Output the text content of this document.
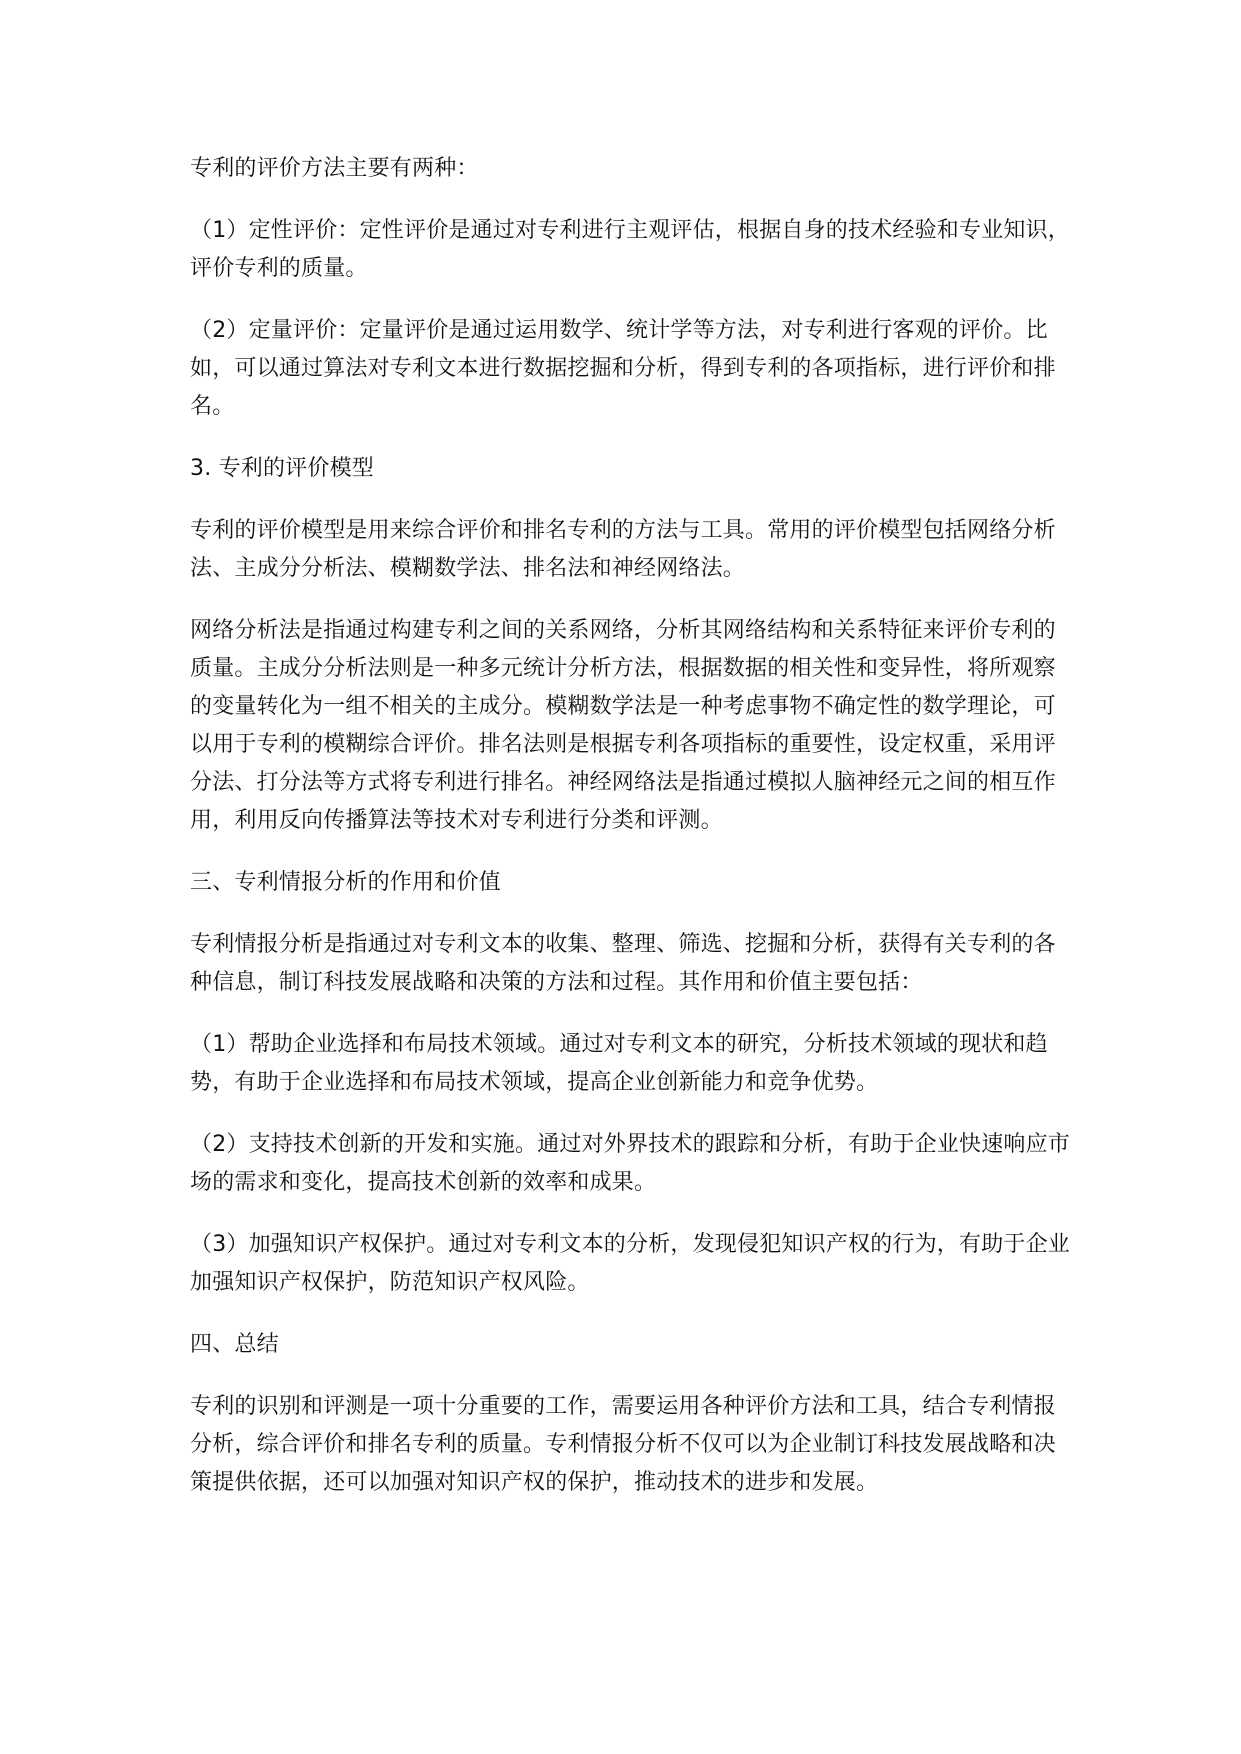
专利的评价方法主要有两种：

（1）定性评价：定性评价是通过对专利进行主观评估，根据自身的技术经验和专业知识，评价专利的质量。

（2）定量评价：定量评价是通过运用数学、统计学等方法，对专利进行客观的评价。比如，可以通过算法对专利文本进行数据挖掘和分析，得到专利的各项指标，进行评价和排名。

3. 专利的评价模型

专利的评价模型是用来综合评价和排名专利的方法与工具。常用的评价模型包括网络分析法、主成分分析法、模糊数学法、排名法和神经网络法。

网络分析法是指通过构建专利之间的关系网络，分析其网络结构和关系特征来评价专利的质量。主成分分析法则是一种多元统计分析方法，根据数据的相关性和变异性，将所观察的变量转化为一组不相关的主成分。模糊数学法是一种考虑事物不确定性的数学理论，可以用于专利的模糊综合评价。排名法则是根据专利各项指标的重要性，设定权重，采用评分法、打分法等方式将专利进行排名。神经网络法是指通过模拟人脑神经元之间的相互作用，利用反向传播算法等技术对专利进行分类和评测。

三、专利情报分析的作用和价值

专利情报分析是指通过对专利文本的收集、整理、筛选、挖掘和分析，获得有关专利的各种信息，制订科技发展战略和决策的方法和过程。其作用和价值主要包括：

（1）帮助企业选择和布局技术领域。通过对专利文本的研究，分析技术领域的现状和趋势，有助于企业选择和布局技术领域，提高企业创新能力和竞争优势。

（2）支持技术创新的开发和实施。通过对外界技术的跟踪和分析，有助于企业快速响应市场的需求和变化，提高技术创新的效率和成果。

（3）加强知识产权保护。通过对专利文本的分析，发现侵犯知识产权的行为，有助于企业加强知识产权保护，防范知识产权风险。

四、总结

专利的识别和评测是一项十分重要的工作，需要运用各种评价方法和工具，结合专利情报分析，综合评价和排名专利的质量。专利情报分析不仅可以为企业制订科技发展战略和决策提供依据，还可以加强对知识产权的保护，推动技术的进步和发展。
